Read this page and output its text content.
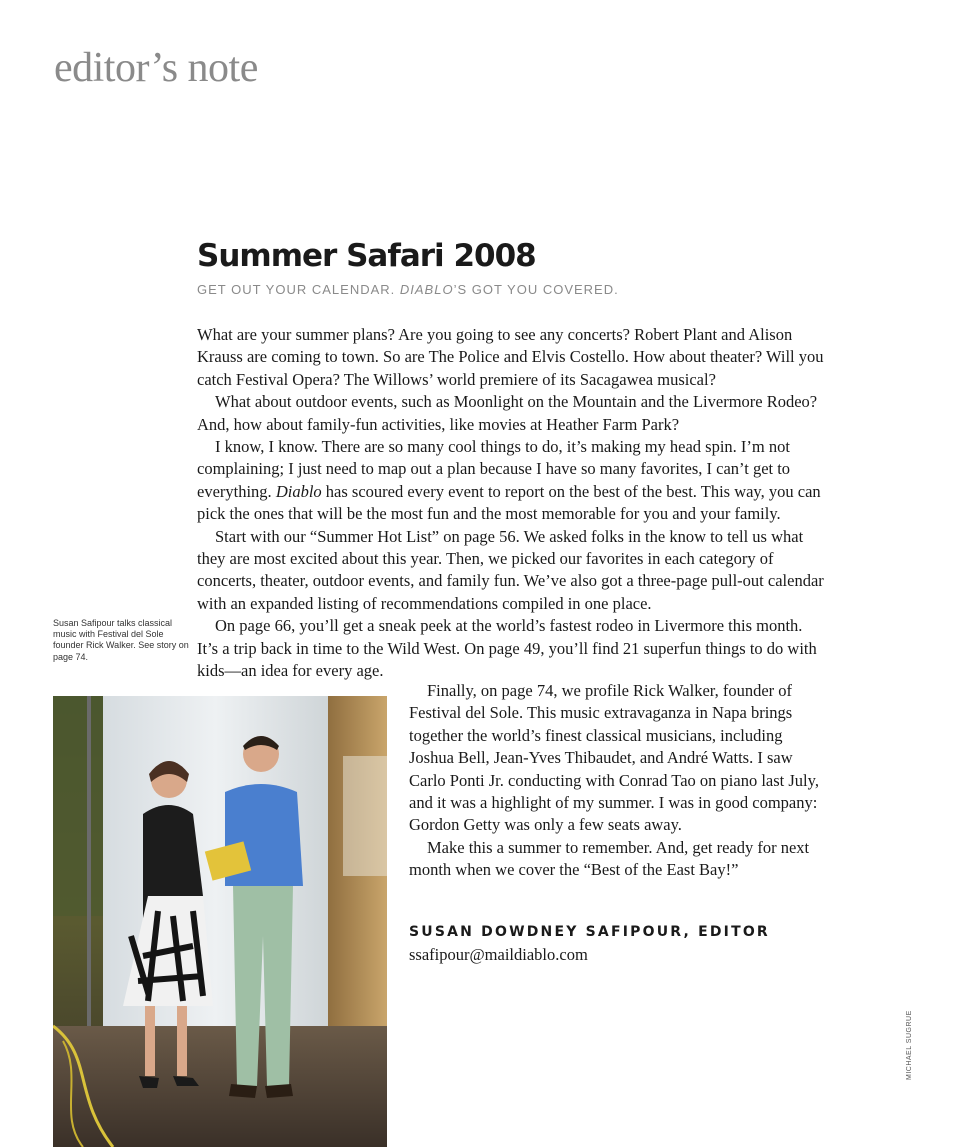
editor’s note
Summer Safari 2008
GET OUT YOUR CALENDAR. DIABLO’S GOT YOU COVERED.

What are your summer plans? Are you going to see any concerts? Robert Plant and Alison Krauss are coming to town. So are The Police and Elvis Costello. How about theater? Will you catch Festival Opera? The Willows’ world premiere of its Sacagawea musical?

What about outdoor events, such as Moonlight on the Mountain and the Livermore Rodeo? And, how about family-fun activities, like movies at Heather Farm Park?

I know, I know. There are so many cool things to do, it’s making my head spin. I’m not complaining; I just need to map out a plan because I have so many favorites, I can’t get to everything. Diablo has scoured every event to report on the best of the best. This way, you can pick the ones that will be the most fun and the most memorable for you and your family.

Start with our “Summer Hot List” on page 56. We asked folks in the know to tell us what they are most excited about this year. Then, we picked our favorites in each category of concerts, theater, outdoor events, and family fun. We’ve also got a three-page pull-out calendar with an expanded listing of recommendations compiled in one place.

On page 66, you’ll get a sneak peek at the world’s fastest rodeo in Livermore this month. It’s a trip back in time to the Wild West. On page 49, you’ll find 21 superfun things to do with kids—an idea for every age.

Susan Safipour talks classical music with Festival del Sole founder Rick Walker. See story on page 74.

Finally, on page 74, we profile Rick Walker, founder of Festival del Sole. This music extravaganza in Napa brings together the world’s finest classical musicians, including Joshua Bell, Jean-Yves Thibaudet, and André Watts. I saw Carlo Ponti Jr. conducting with Conrad Tao on piano last July, and it was a highlight of my summer. I was in good company: Gordon Getty was only a few seats away.

Make this a summer to remember. And, get ready for next month when we cover the “Best of the East Bay!”

SUSAN DOWDNEY SAFIPOUR, EDITOR
ssafipour@maildiablo.com
MICHAEL SUGRUE
